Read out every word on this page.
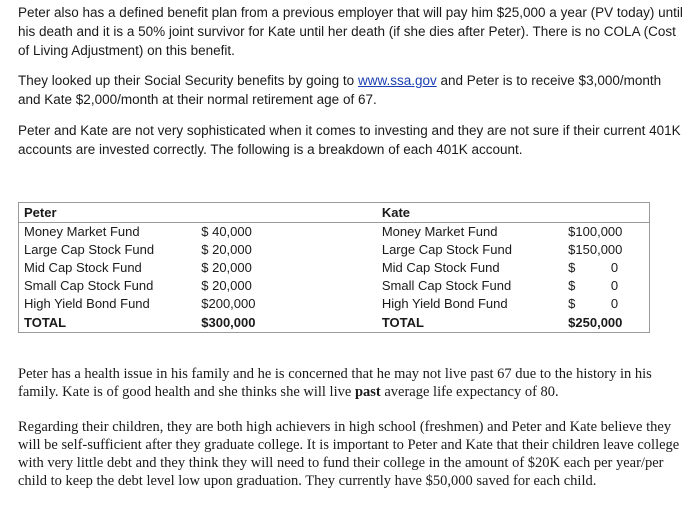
Peter also has a defined benefit plan from a previous employer that will pay him $25,000 a year (PV today) until his death and it is a 50% joint survivor for Kate until her death (if she dies after Peter). There is no COLA (Cost of Living Adjustment) on this benefit.

They looked up their Social Security benefits by going to www.ssa.gov and Peter is to receive $3,000/month and Kate $2,000/month at their normal retirement age of 67.

Peter and Kate are not very sophisticated when it comes to investing and they are not sure if their current 401K accounts are invested correctly. The following is a breakdown of each 401K account.

Peter			Kate	
Money Market Fund	$ 40,000		Money Market Fund	$100,000
Large Cap Stock Fund	$ 20,000		Large Cap Stock Fund	$150,000
Mid Cap Stock Fund	$ 20,000		Mid Cap Stock Fund	$ 0
Small Cap Stock Fund	$ 20,000		Small Cap Stock Fund	$ 0
High Yield Bond Fund	$200,000		High Yield Bond Fund	$ 0
TOTAL	$300,000		TOTAL	$250,000

Peter has a health issue in his family and he is concerned that he may not live past 67 due to the history in his family. Kate is of good health and she thinks she will live past average life expectancy of 80.

Regarding their children, they are both high achievers in high school (freshmen) and Peter and Kate believe they will be self-sufficient after they graduate college. It is important to Peter and Kate that their children leave college with very little debt and they think they will need to fund their college in the amount of $20K each per year/per child to keep the debt level low upon graduation. They currently have $50,000 saved for each child.
